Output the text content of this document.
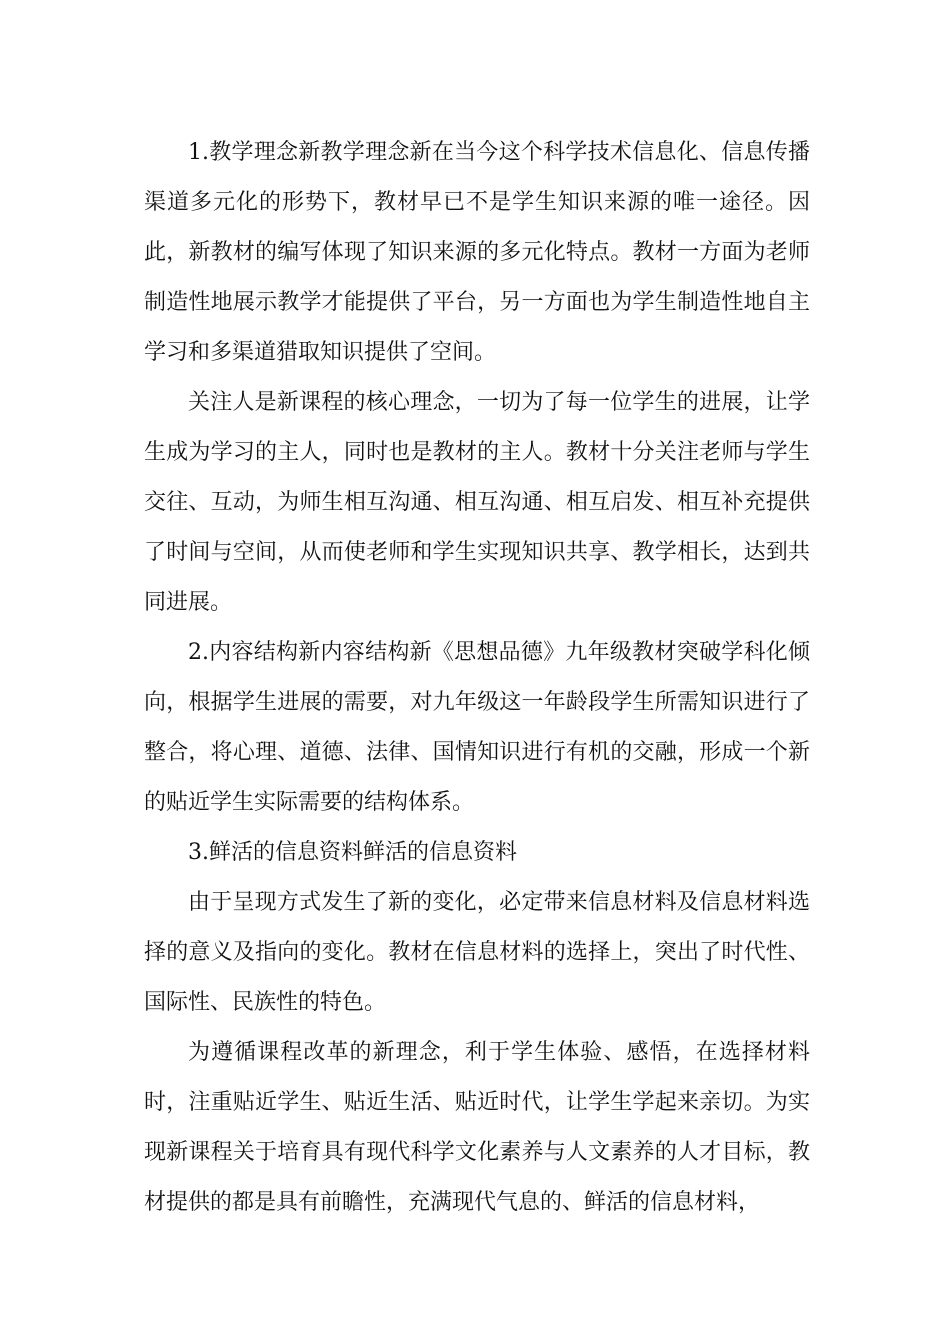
1.教学理念新教学理念新在当今这个科学技术信息化、信息传播渠道多元化的形势下，教材早已不是学生知识来源的唯一途径。因此，新教材的编写体现了知识来源的多元化特点。教材一方面为老师制造性地展示教学才能提供了平台，另一方面也为学生制造性地自主学习和多渠道猎取知识提供了空间。

关注人是新课程的核心理念，一切为了每一位学生的进展，让学生成为学习的主人，同时也是教材的主人。教材十分关注老师与学生交往、互动，为师生相互沟通、相互沟通、相互启发、相互补充提供了时间与空间，从而使老师和学生实现知识共享、教学相长，达到共同进展。

2.内容结构新内容结构新《思想品德》九年级教材突破学科化倾向，根据学生进展的需要，对九年级这一年龄段学生所需知识进行了整合，将心理、道德、法律、国情知识进行有机的交融，形成一个新的贴近学生实际需要的结构体系。

3.鲜活的信息资料鲜活的信息资料

由于呈现方式发生了新的变化，必定带来信息材料及信息材料选择的意义及指向的变化。教材在信息材料的选择上，突出了时代性、国际性、民族性的特色。

为遵循课程改革的新理念，利于学生体验、感悟，在选择材料时，注重贴近学生、贴近生活、贴近时代，让学生学起来亲切。为实现新课程关于培育具有现代科学文化素养与人文素养的人才目标，教材提供的都是具有前瞻性，充满现代气息的、鲜活的信息材料，
